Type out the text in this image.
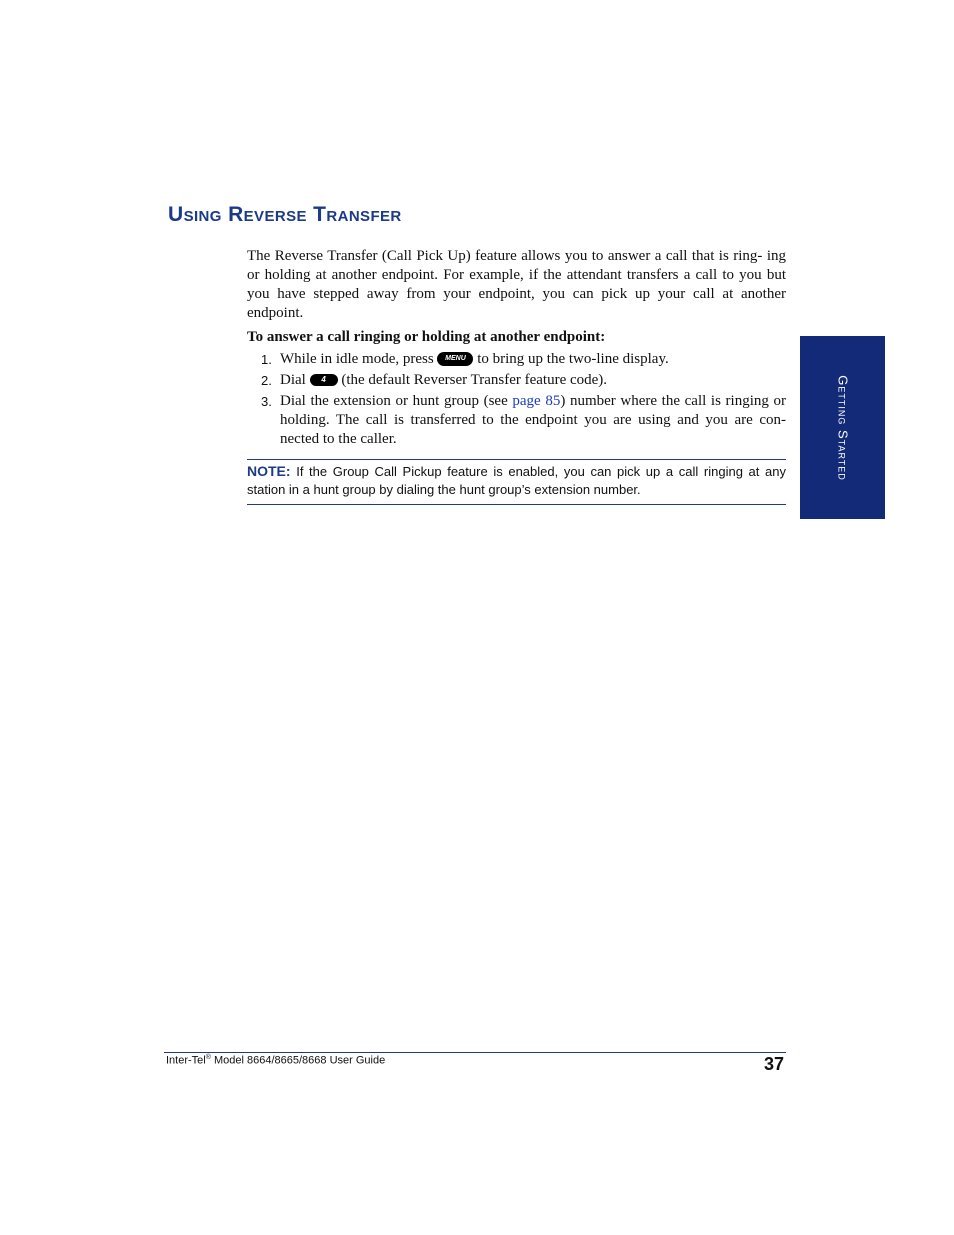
Using Reverse Transfer

The Reverse Transfer (Call Pick Up) feature allows you to answer a call that is ring- ing or holding at another endpoint. For example, if the attendant transfers a call to you but you have stepped away from your endpoint, you can pick up your call at another endpoint.

To answer a call ringing or holding at another endpoint:
1. While in idle mode, press MENU to bring up the two-line display.
2. Dial 4 (the default Reverser Transfer feature code).
3. Dial the extension or hunt group (see page 85) number where the call is ringing or holding. The call is transferred to the endpoint you are using and you are con- nected to the caller.
NOTE: If the Group Call Pickup feature is enabled, you can pick up a call ringing at any station in a hunt group by dialing the hunt group’s extension number.
Getting Started
Inter-Tel® Model 8664/8665/8668 User Guide	37
